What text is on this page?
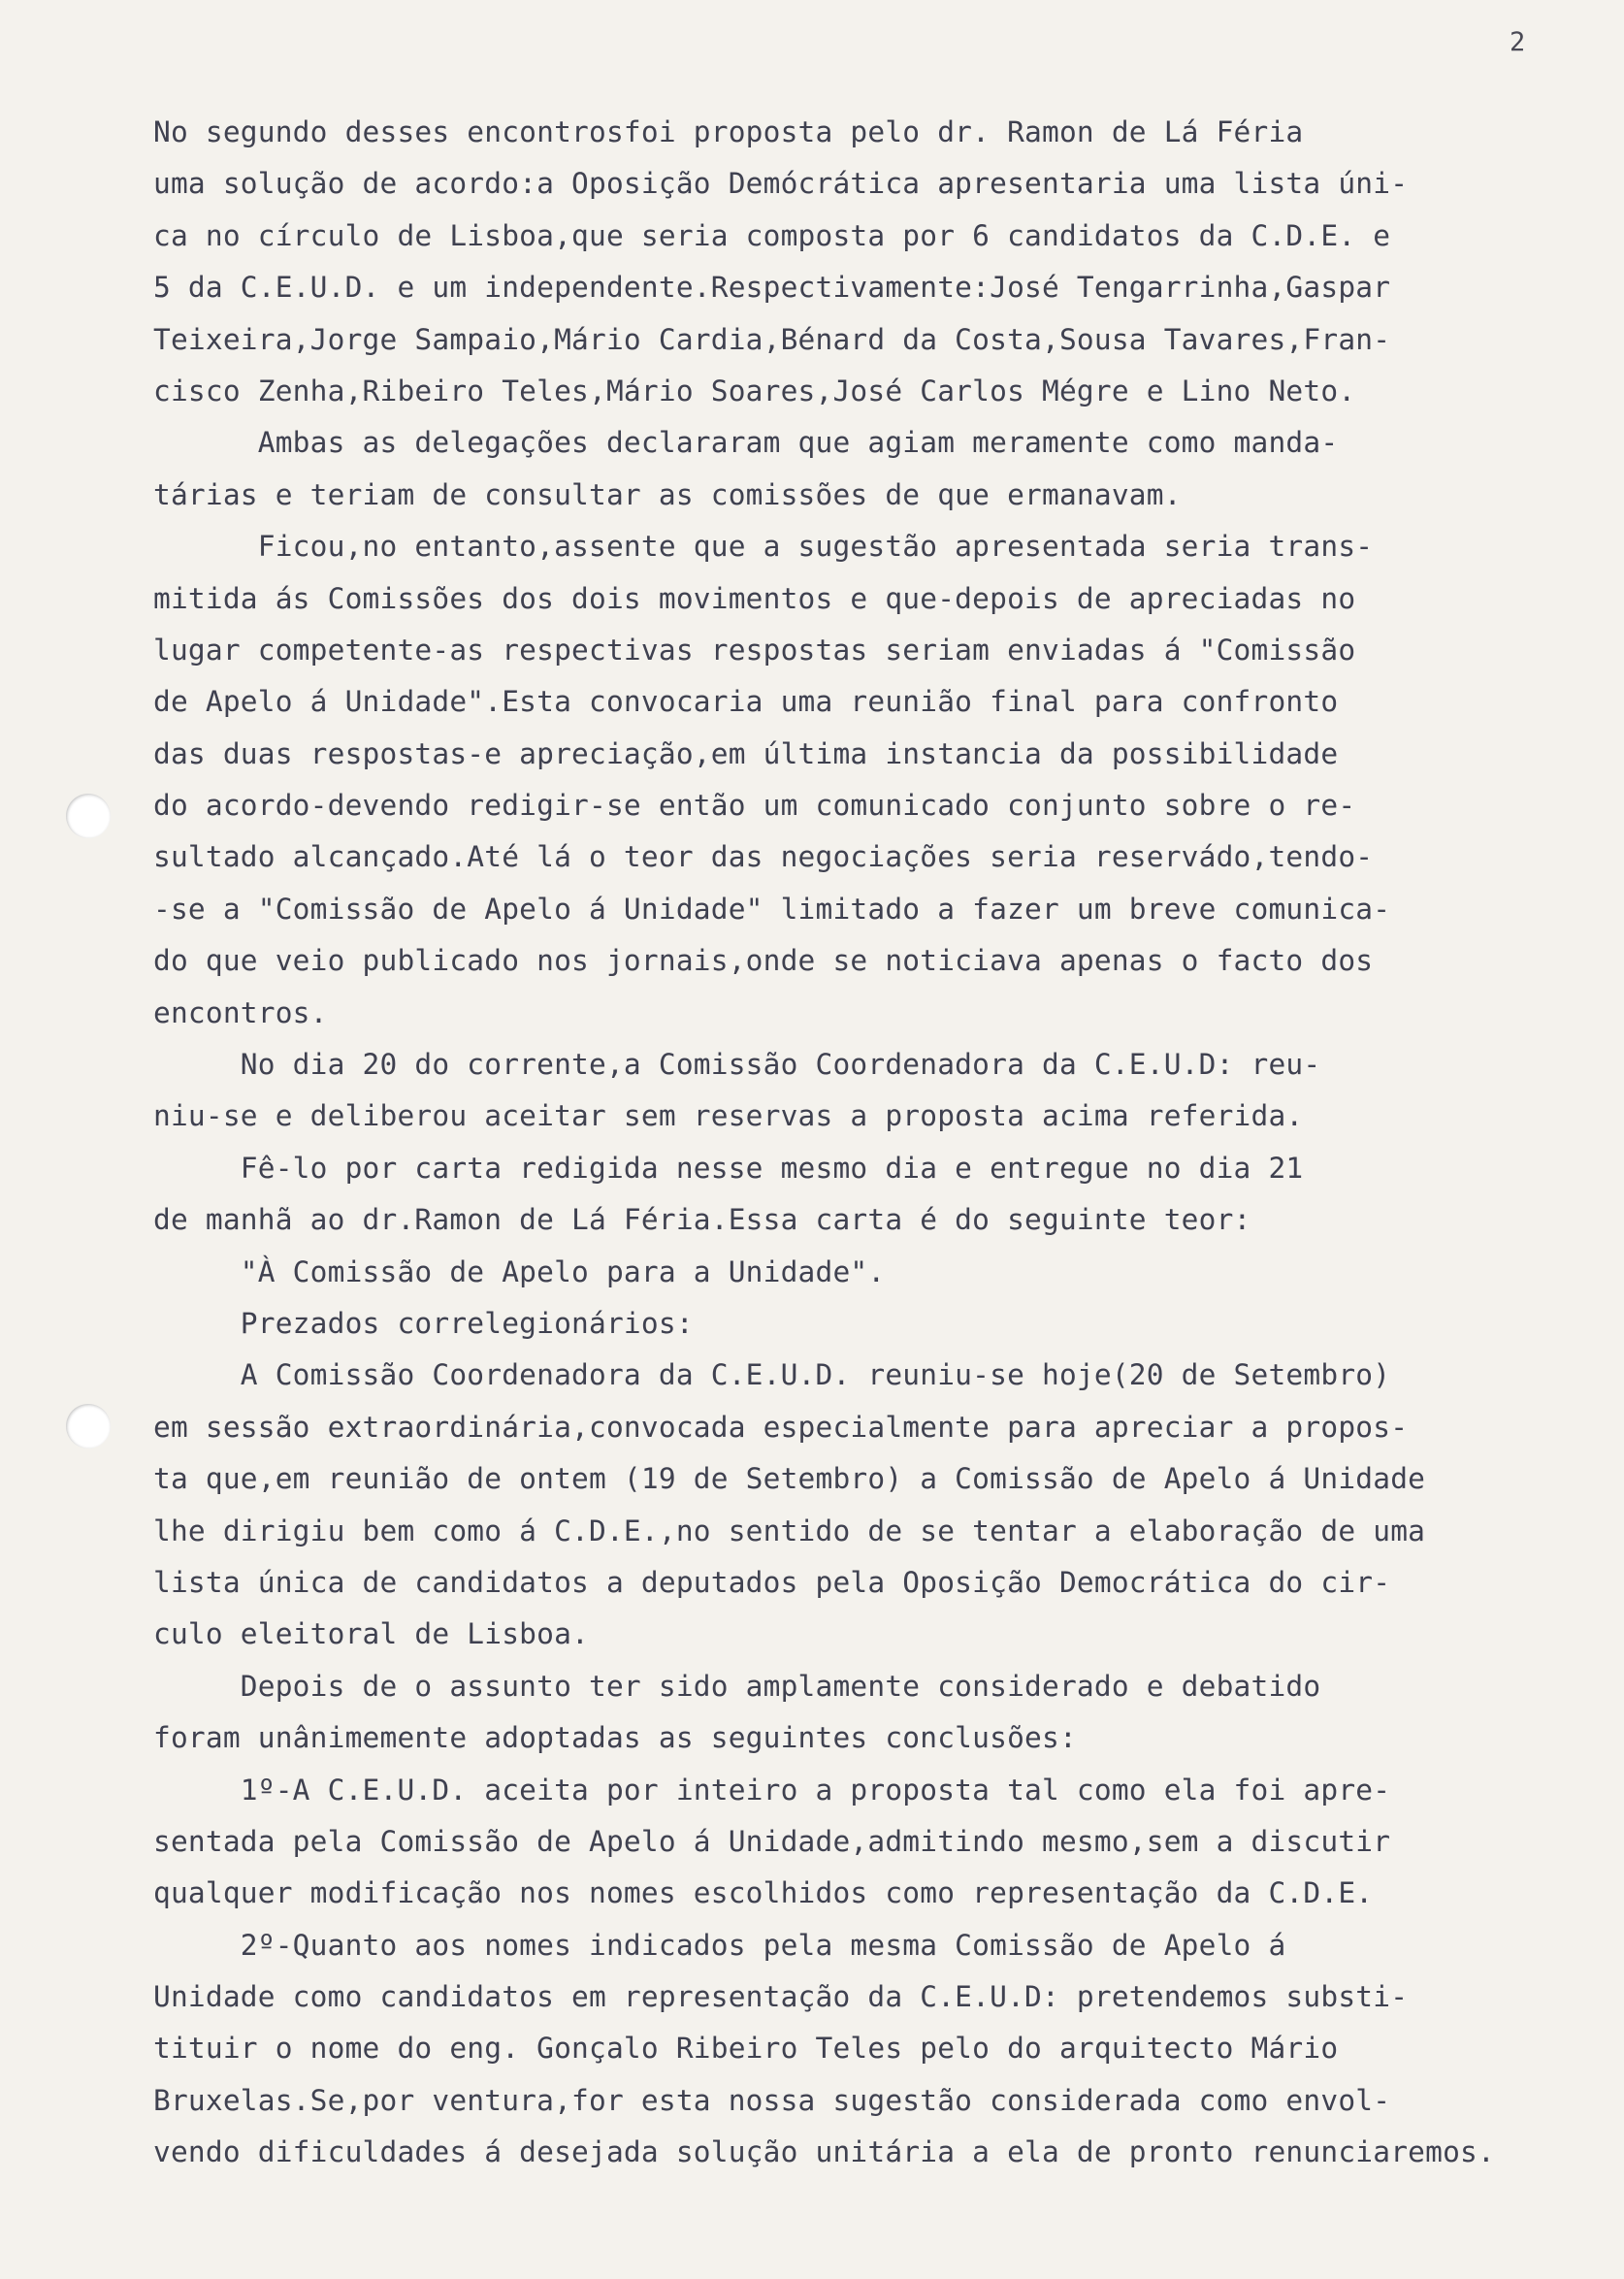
2
No segundo desses encontrosfoi proposta pelo dr. Ramon de Lá Féria
uma solução de acordo:a Oposição Demócrática apresentaria uma lista úni-
ca no círculo de Lisboa,que seria composta por 6 candidatos da C.D.E. e
5 da C.E.U.D. e um independente.Respectivamente:José Tengarrinha,Gaspar
Teixeira,Jorge Sampaio,Mário Cardia,Bénard da Costa,Sousa Tavares,Fran-
cisco Zenha,Ribeiro Teles,Mário Soares,José Carlos Mégre e Lino Neto.
Ambas as delegações declararam que agiam meramente como manda-
tárias e teriam de consultar as comissões de que ermanavam.
Ficou,no entanto,assente que a sugestão apresentada seria trans-
mitida ás Comissões dos dois movimentos e que-depois de apreciadas no
lugar competente-as respectivas respostas seriam enviadas á "Comissão
de Apelo á Unidade".Esta convocaria uma reunião final para confronto
das duas respostas-e apreciação,em última instancia da possibilidade
do acordo-devendo redigir-se então um comunicado conjunto sobre o re-
sultado alcançado.Até lá o teor das negociações seria reservádo,tendo-
-se a "Comissão de Apelo á Unidade" limitado a fazer um breve comunica-
do que veio publicado nos jornais,onde se noticiava apenas o facto dos
encontros.
No dia 20 do corrente,a Comissão Coordenadora da C.E.U.D: reu-
niu-se e deliberou aceitar sem reservas a proposta acima referida.
Fê-lo por carta redigida nesse mesmo dia e entregue no dia 21
de manhã ao dr.Ramon de Lá Féria.Essa carta é do seguinte teor:
"À Comissão de Apelo para a Unidade".
Prezados correlegionários:
A Comissão Coordenadora da C.E.U.D. reuniu-se hoje(20 de Setembro)
em sessão extraordinária,convocada especialmente para apreciar a propos-
ta que,em reunião de ontem (19 de Setembro) a Comissão de Apelo á Unidade
lhe dirigiu bem como á C.D.E.,no sentido de se tentar a elaboração de uma
lista única de candidatos a deputados pela Oposição Democrática do cir-
culo eleitoral de Lisboa.
Depois de o assunto ter sido amplamente considerado e debatido
foram unânimemente adoptadas as seguintes conclusões:
1º-A C.E.U.D. aceita por inteiro a proposta tal como ela foi apre-
sentada pela Comissão de Apelo á Unidade,admitindo mesmo,sem a discutir
qualquer modificação nos nomes escolhidos como representação da C.D.E.
2º-Quanto aos nomes indicados pela mesma Comissão de Apelo á
Unidade como candidatos em representação da C.E.U.D: pretendemos substi-
tituir o nome do eng. Gonçalo Ribeiro Teles pelo do arquitecto Mário
Bruxelas.Se,por ventura,for esta nossa sugestão considerada como envol-
vendo dificuldades á desejada solução unitária a ela de pronto renunciaremos.
